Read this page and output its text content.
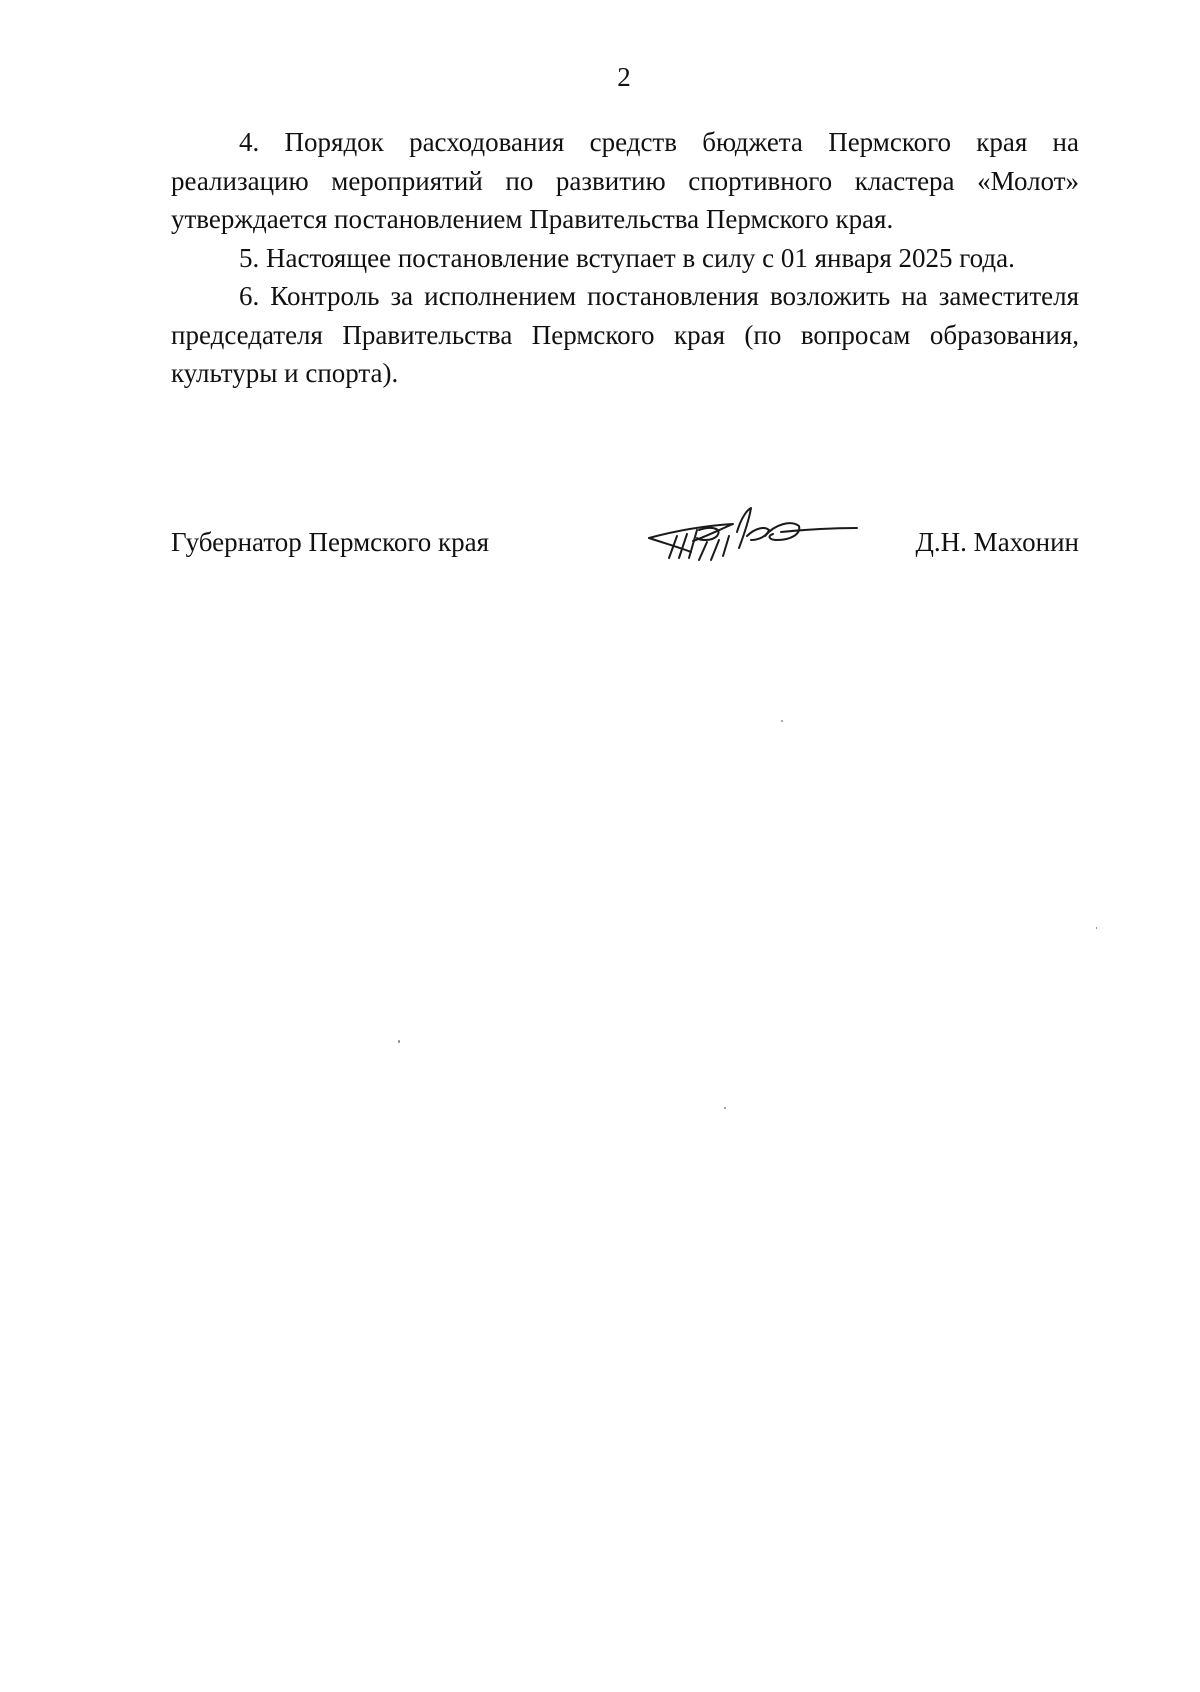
2

4. Порядок расходования средств бюджета Пермского края на реализацию мероприятий по развитию спортивного кластера «Молот» утверждается постановлением Правительства Пермского края.

5. Настоящее постановление вступает в силу с 01 января 2025 года.

6. Контроль за исполнением постановления возложить на заместителя председателя Правительства Пермского края (по вопросам образования, культуры и спорта).

Губернатор Пермского края	Д.Н. Махонин
